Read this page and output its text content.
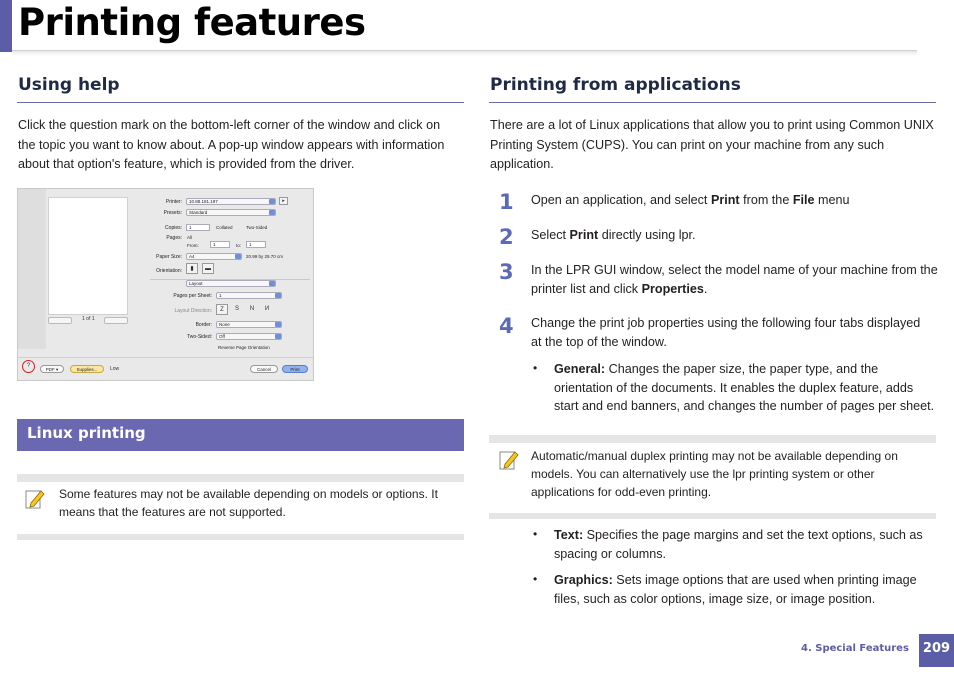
Printing features
Using help
Click the question mark on the bottom-left corner of the window and click on
the topic you want to know about. A pop-up window appears with information
about that option's feature, which is provided from the driver.
1 of 1
Printer:	10.88.181.197	▸
Presets:	Standard
Copies:	1	Collated	Two-Sided
Pages: All
From:	1	to:	1
Paper Size:	A4	20.99 by 29.70 cm
Orientation:	▮	▬
Layout
Pages per Sheet:	1
Layout Direction:	Z	S	N	И
Border:	None
Two-Sided:	Off
Reverse Page Orientation
?
PDF ▾	Supplies...	Low	Cancel	Print
Linux printing
Some features may not be available depending on models or options. It
means that the features are not supported.
Printing from applications
There are a lot of Linux applications that allow you to print using Common UNIX
Printing System (CUPS). You can print on your machine from any such
application.
1 Open an application, and select Print from the File menu
2 Select Print directly using lpr.
3 In the LPR GUI window, select the model name of your machine from the
printer list and click Properties.
4 Change the print job properties using the following four tabs displayed
at the top of the window.
• General: Changes the paper size, the paper type, and the
orientation of the documents. It enables the duplex feature, adds
start and end banners, and changes the number of pages per sheet.
Automatic/manual duplex printing may not be available depending on
models. You can alternatively use the lpr printing system or other
applications for odd-even printing.
• Text: Specifies the page margins and set the text options, such as
spacing or columns.
• Graphics: Sets image options that are used when printing image
files, such as color options, image size, or image position.
4. Special Features	209
